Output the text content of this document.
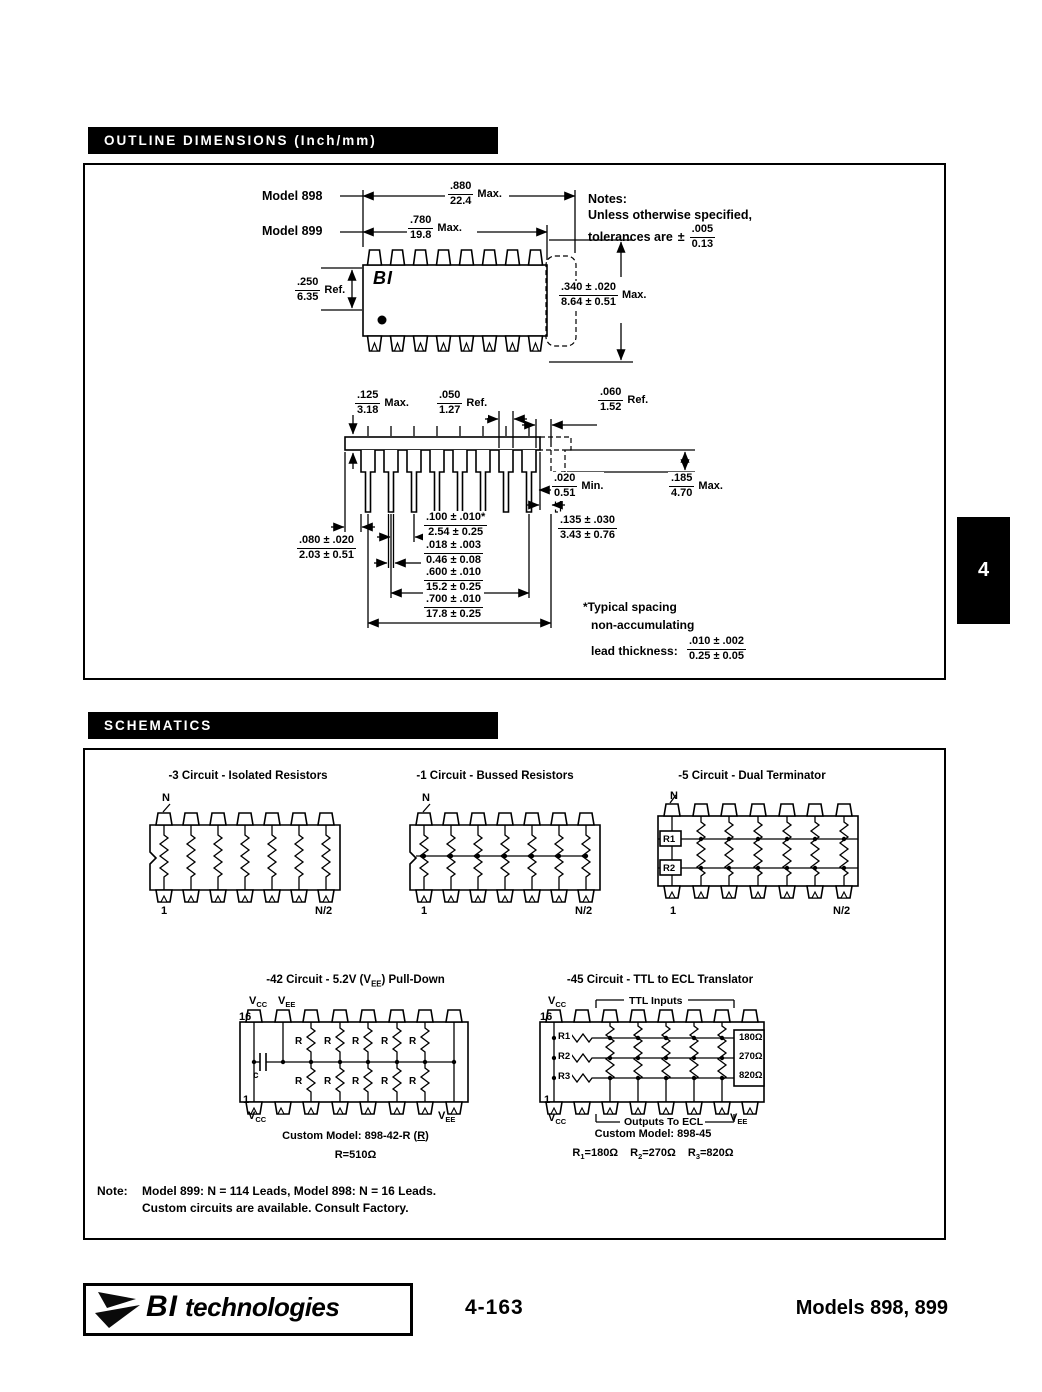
OUTLINE DIMENSIONS (Inch/mm)
Model 898
Model 899
BI
Notes:
Unless otherwise specified,
tolerances are ± $\frac{.005}{0.13}$
$\frac{.880}{22.4}$ Max.
$\frac{.780}{19.8}$ Max.
$\frac{.250}{6.35}$ Ref.	$\frac{.340 \pm .020}{8.64 \pm 0.51}$ Max.
$\frac{.125}{3.18}$ Max.	$\frac{.050}{1.27}$ Ref.	$\frac{.060}{1.52}$ Ref.
$\frac{.020}{0.51}$ Min.	$\frac{.185}{4.70}$ Max.
$\frac{.100 \pm .010*}{2.54 \pm 0.25}$
$\frac{.018 \pm .003}{0.46 \pm 0.08}$
$\frac{.600 \pm .010}{15.2 \pm 0.25}$
$\frac{.700 \pm .010}{17.8 \pm 0.25}$
$\frac{.080 \pm .020}{2.03 \pm 0.51}$
$\frac{.135 \pm .030}{3.43 \pm 0.76}$
*Typical spacing
non-accumulating
lead thickness: $\frac{.010 \pm .002}{0.25 \pm 0.05}$
4
SCHEMATICS
-3 Circuit - Isolated Resistors	-1 Circuit - Bussed Resistors	-5 Circuit - Dual Terminator
N
1	N/2
N
1	N/2
R1
R2
N
1	N/2
-42 Circuit - 5.2V $(V_{EE})$ Pull-Down	-45 Circuit - TTL to ECL Translator
R R R R R
R R R R R
c
$V_{CC}$ $V_{EE}$
16
1
$V_{CC}$	$V_{EE}$
Custom Model: 898-42-R ( R )
R=510Ω
$V_{CC}$	TTL Inputs
16
R1
R2
R3
180Ω
270Ω
820Ω
1
$V_{CC}$	Outputs To ECL $V_{EE}$
Custom Model: 898-45
$R_1=180\Omega$ $R_2=270\Omega$ $R_3=820\Omega$
Note: Model 899: N = 114 Leads, Model 898: N = 16 Leads.
Custom circuits are available. Consult Factory.
BI technologies	4-163	Models 898, 899
